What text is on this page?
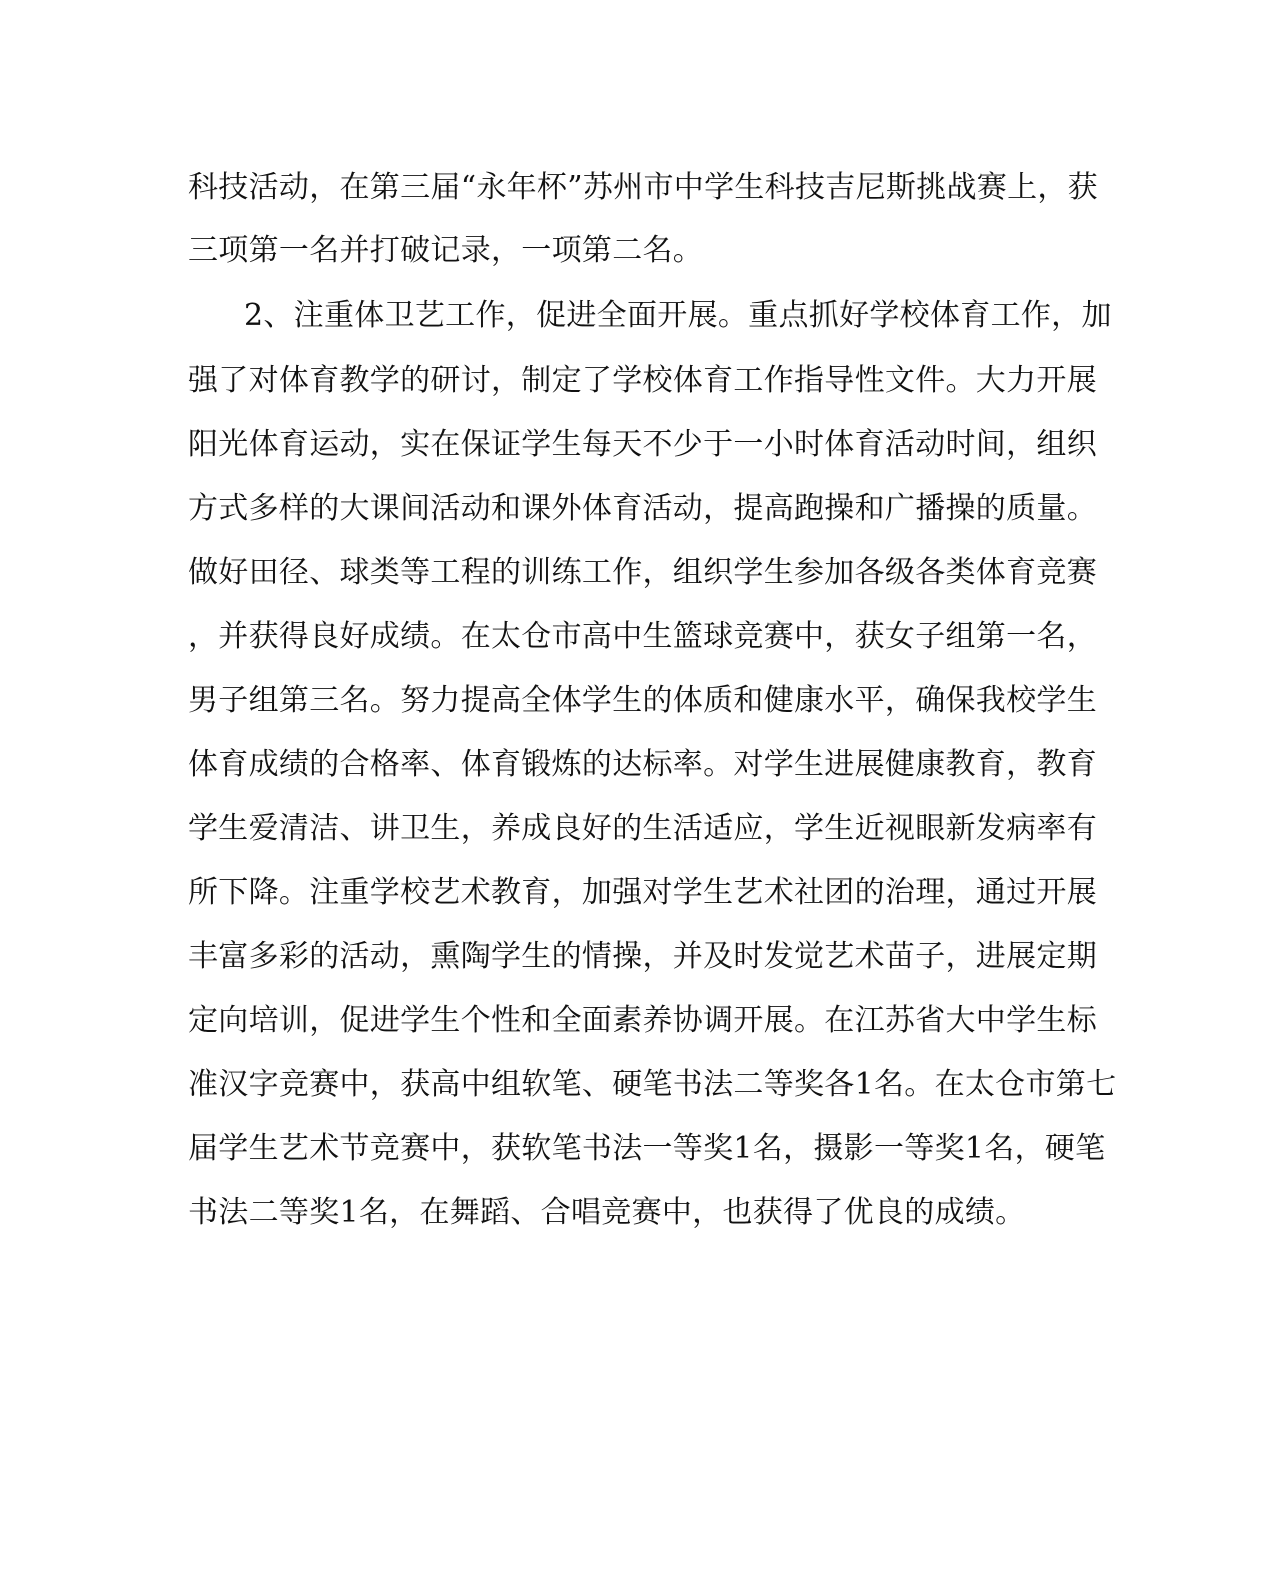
科技活动，在第三届“永年杯”苏州市中学生科技吉尼斯挑战赛上，获
三项第一名并打破记录，一项第二名。
2、注重体卫艺工作，促进全面开展。重点抓好学校体育工作，加
强了对体育教学的研讨，制定了学校体育工作指导性文件。大力开展
阳光体育运动，实在保证学生每天不少于一小时体育活动时间，组织
方式多样的大课间活动和课外体育活动，提高跑操和广播操的质量。
做好田径、球类等工程的训练工作，组织学生参加各级各类体育竞赛
，并获得良好成绩。在太仓市高中生篮球竞赛中，获女子组第一名，
男子组第三名。努力提高全体学生的体质和健康水平，确保我校学生
体育成绩的合格率、体育锻炼的达标率。对学生进展健康教育，教育
学生爱清洁、讲卫生，养成良好的生活适应，学生近视眼新发病率有
所下降。注重学校艺术教育，加强对学生艺术社团的治理，通过开展
丰富多彩的活动，熏陶学生的情操，并及时发觉艺术苗子，进展定期
定向培训，促进学生个性和全面素养协调开展。在江苏省大中学生标
准汉字竞赛中，获高中组软笔、硬笔书法二等奖各1名。在太仓市第七
届学生艺术节竞赛中，获软笔书法一等奖1名，摄影一等奖1名，硬笔
书法二等奖1名，在舞蹈、合唱竞赛中，也获得了优良的成绩。
